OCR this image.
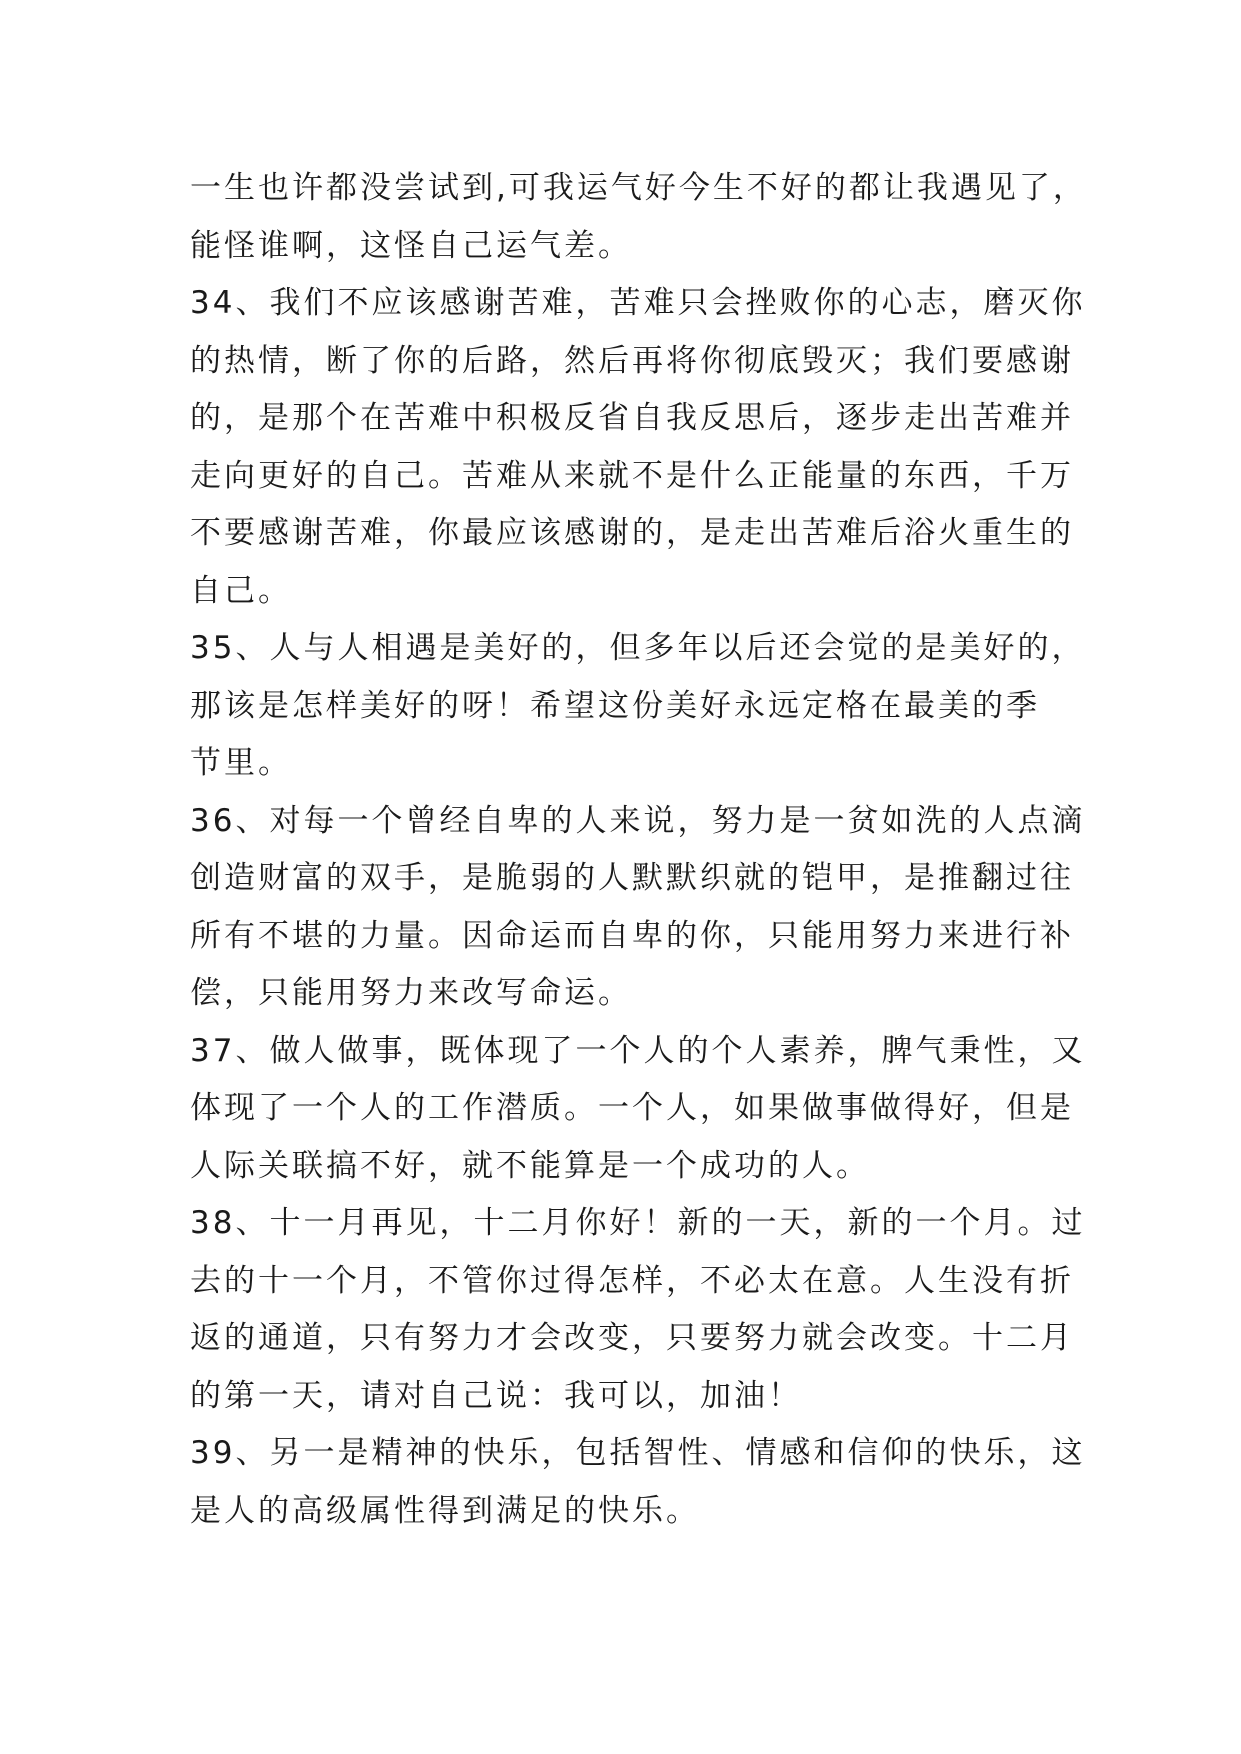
一生也许都没尝试到,可我运气好今生不好的都让我遇见了，
能怪谁啊，这怪自己运气差。
34、我们不应该感谢苦难，苦难只会挫败你的心志，磨灭你
的热情，断了你的后路，然后再将你彻底毁灭；我们要感谢
的，是那个在苦难中积极反省自我反思后，逐步走出苦难并
走向更好的自己。苦难从来就不是什么正能量的东西，千万
不要感谢苦难，你最应该感谢的，是走出苦难后浴火重生的
自己。
35、人与人相遇是美好的，但多年以后还会觉的是美好的，
那该是怎样美好的呀！希望这份美好永远定格在最美的季
节里。
36、对每一个曾经自卑的人来说，努力是一贫如洗的人点滴
创造财富的双手，是脆弱的人默默织就的铠甲，是推翻过往
所有不堪的力量。因命运而自卑的你，只能用努力来进行补
偿，只能用努力来改写命运。
37、做人做事，既体现了一个人的个人素养，脾气秉性，又
体现了一个人的工作潜质。一个人，如果做事做得好，但是
人际关联搞不好，就不能算是一个成功的人。
38、十一月再见，十二月你好！新的一天，新的一个月。过
去的十一个月，不管你过得怎样，不必太在意。人生没有折
返的通道，只有努力才会改变，只要努力就会改变。十二月
的第一天，请对自己说：我可以，加油！
39、另一是精神的快乐，包括智性、情感和信仰的快乐，这
是人的高级属性得到满足的快乐。
